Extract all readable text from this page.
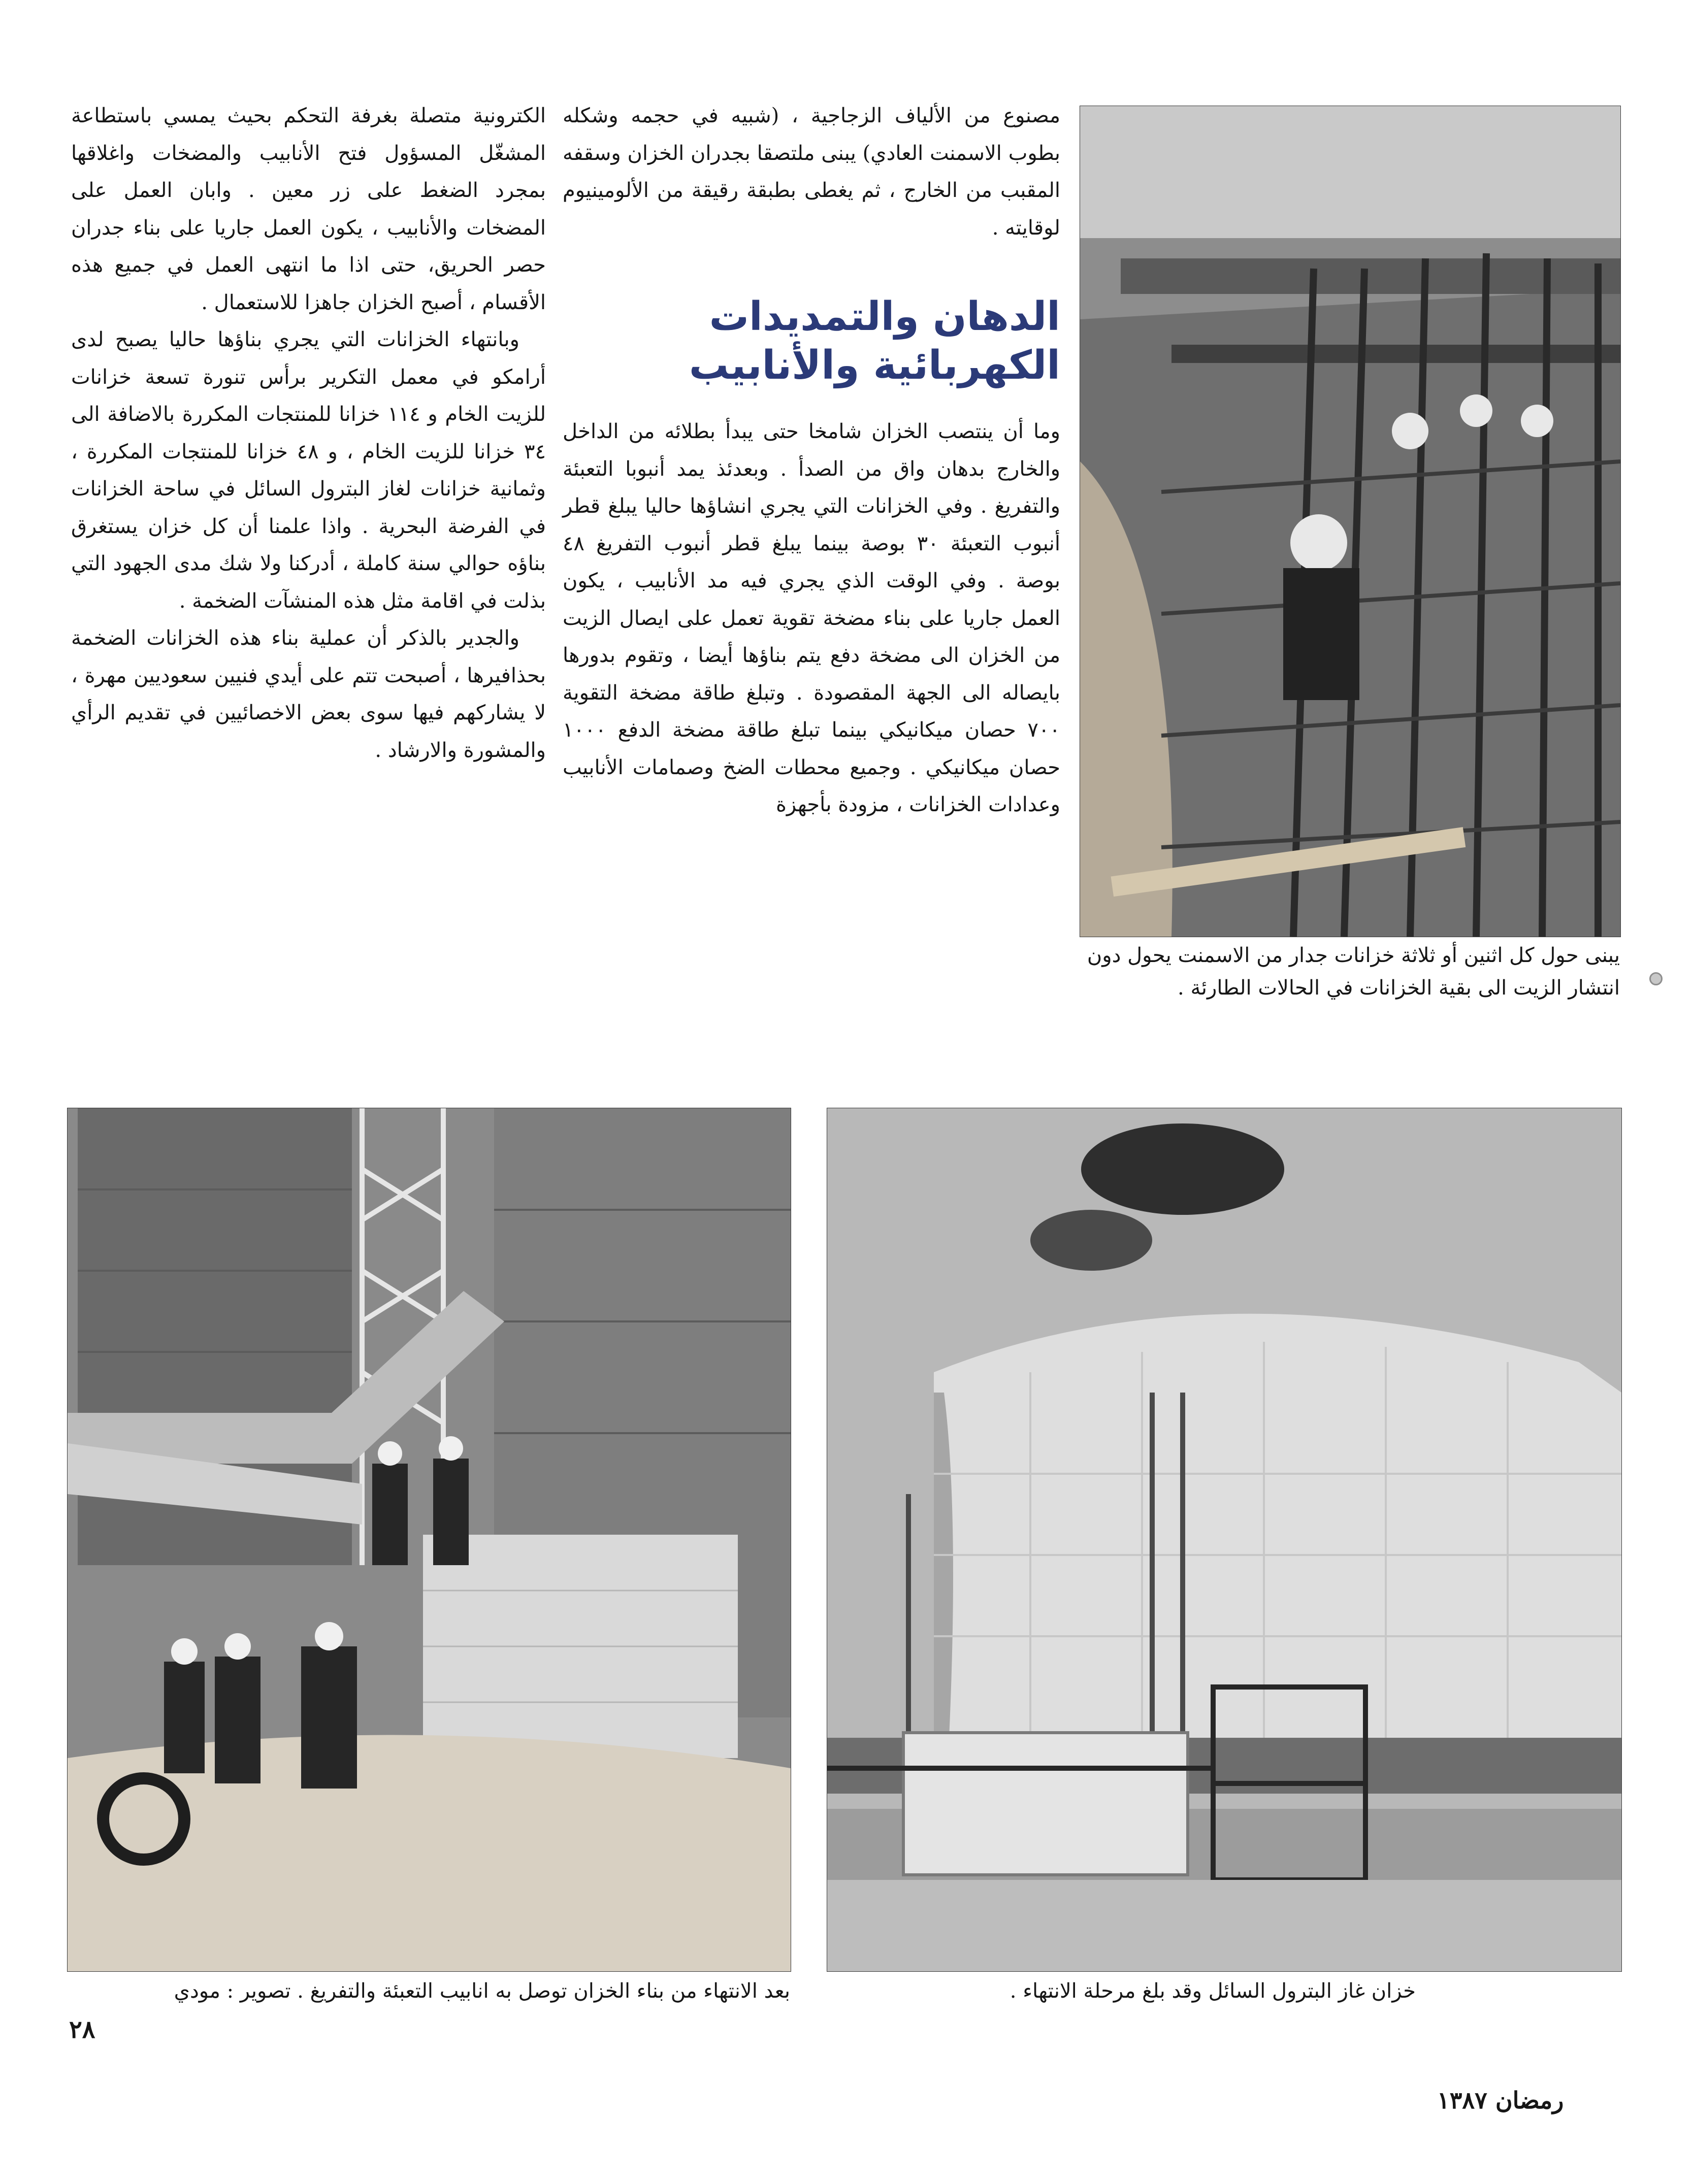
يبنى حول كل اثنين أو ثلاثة خزانات جدار من الاسمنت يحول دون انتشار الزيت الى بقية الخزانات في الحالات الطارئة .

مصنوع من الألياف الزجاجية ، (شبيه في حجمه وشكله بطوب الاسمنت العادي) يبنى ملتصقا بجدران الخزان وسقفه المقبب من الخارج ، ثم يغطى بطبقة رقيقة من الألومينيوم لوقايته .

الدهان والتمديدات الكهربائية والأنابيب

وما أن ينتصب الخزان شامخا حتى يبدأ بطلائه من الداخل والخارج بدهان واق من الصدأ . وبعدئذ يمد أنبوبا التعبئة والتفريغ . وفي الخزانات التي يجري انشاؤها حاليا يبلغ قطر أنبوب التعبئة ٣٠ بوصة بينما يبلغ قطر أنبوب التفريغ ٤٨ بوصة . وفي الوقت الذي يجري فيه مد الأنابيب ، يكون العمل جاريا على بناء مضخة تقوية تعمل على ايصال الزيت من الخزان الى مضخة دفع يتم بناؤها أيضا ، وتقوم بدورها بايصاله الى الجهة المقصودة . وتبلغ طاقة مضخة التقوية ٧٠٠ حصان ميكانيكي بينما تبلغ طاقة مضخة الدفع ١٠٠٠ حصان ميكانيكي . وجميع محطات الضخ وصمامات الأنابيب وعدادات الخزانات ، مزودة بأجهزة

الكترونية متصلة بغرفة التحكم بحيث يمسي باستطاعة المشغّل المسؤول فتح الأنابيب والمضخات واغلاقها بمجرد الضغط على زر معين . وابان العمل على المضخات والأنابيب ، يكون العمل جاريا على بناء جدران حصر الحريق، حتى اذا ما انتهى العمل في جميع هذه الأقسام ، أصبح الخزان جاهزا للاستعمال .

وبانتهاء الخزانات التي يجري بناؤها حاليا يصبح لدى أرامكو في معمل التكرير برأس تنورة تسعة خزانات للزيت الخام و ١١٤ خزانا للمنتجات المكررة بالاضافة الى ٣٤ خزانا للزيت الخام ، و ٤٨ خزانا للمنتجات المكررة ، وثمانية خزانات لغاز البترول السائل في ساحة الخزانات في الفرضة البحرية . واذا علمنا أن كل خزان يستغرق بناؤه حوالي سنة كاملة ، أدركنا ولا شك مدى الجهود التي بذلت في اقامة مثل هذه المنشآت الضخمة .

والجدير بالذكر أن عملية بناء هذه الخزانات الضخمة بحذافيرها ، أصبحت تتم على أيدي فنيين سعوديين مهرة ، لا يشاركهم فيها سوى بعض الاخصائيين في تقديم الرأي والمشورة والارشاد .

خزان غاز البترول السائل وقد بلغ مرحلة الانتهاء .
بعد الانتهاء من بناء الخزان توصل به انابيب التعبئة والتفريغ . تصوير : مودي
٢٨
رمضان ١٣٨٧
